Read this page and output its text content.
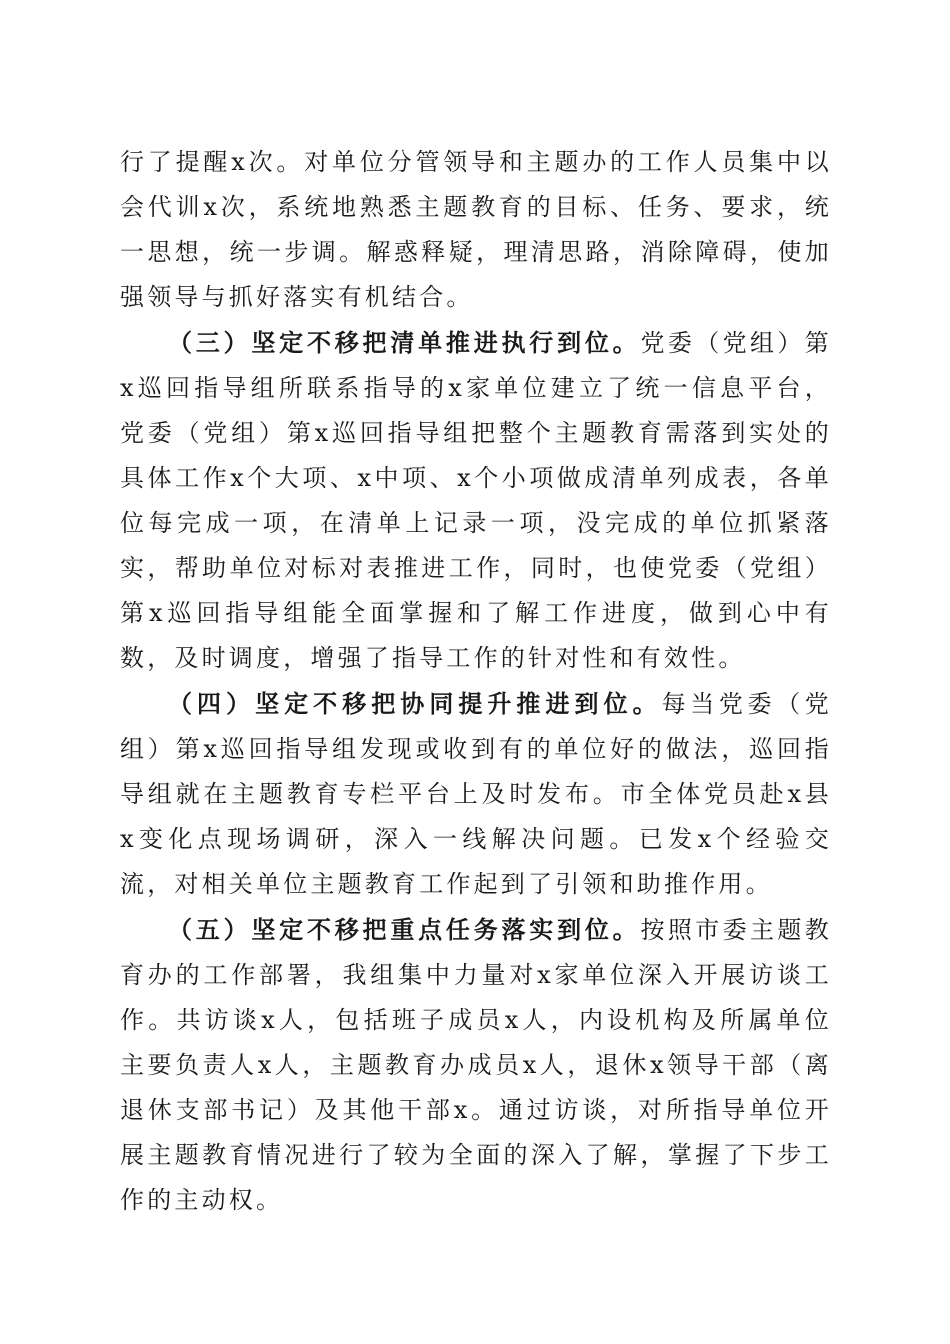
行了提醒x次。对单位分管领导和主题办的工作人员集中以会代训x次，系统地熟悉主题教育的目标、任务、要求，统一思想，统一步调。解惑释疑，理清思路，消除障碍，使加强领导与抓好落实有机结合。

（三）坚定不移把清单推进执行到位。党委（党组）第x巡回指导组所联系指导的x家单位建立了统一信息平台，党委（党组）第x巡回指导组把整个主题教育需落到实处的具体工作x个大项、x中项、x个小项做成清单列成表，各单位每完成一项，在清单上记录一项，没完成的单位抓紧落实，帮助单位对标对表推进工作，同时，也使党委（党组）第x巡回指导组能全面掌握和了解工作进度，做到心中有数，及时调度，增强了指导工作的针对性和有效性。

（四）坚定不移把协同提升推进到位。每当党委（党组）第x巡回指导组发现或收到有的单位好的做法，巡回指导组就在主题教育专栏平台上及时发布。市全体党员赴x县x变化点现场调研，深入一线解决问题。已发x个经验交流，对相关单位主题教育工作起到了引领和助推作用。

（五）坚定不移把重点任务落实到位。按照市委主题教育办的工作部署，我组集中力量对x家单位深入开展访谈工作。共访谈x人，包括班子成员x人，内设机构及所属单位主要负责人x人，主题教育办成员x人，退休x领导干部（离退休支部书记）及其他干部x。通过访谈，对所指导单位开展主题教育情况进行了较为全面的深入了解，掌握了下步工作的主动权。
